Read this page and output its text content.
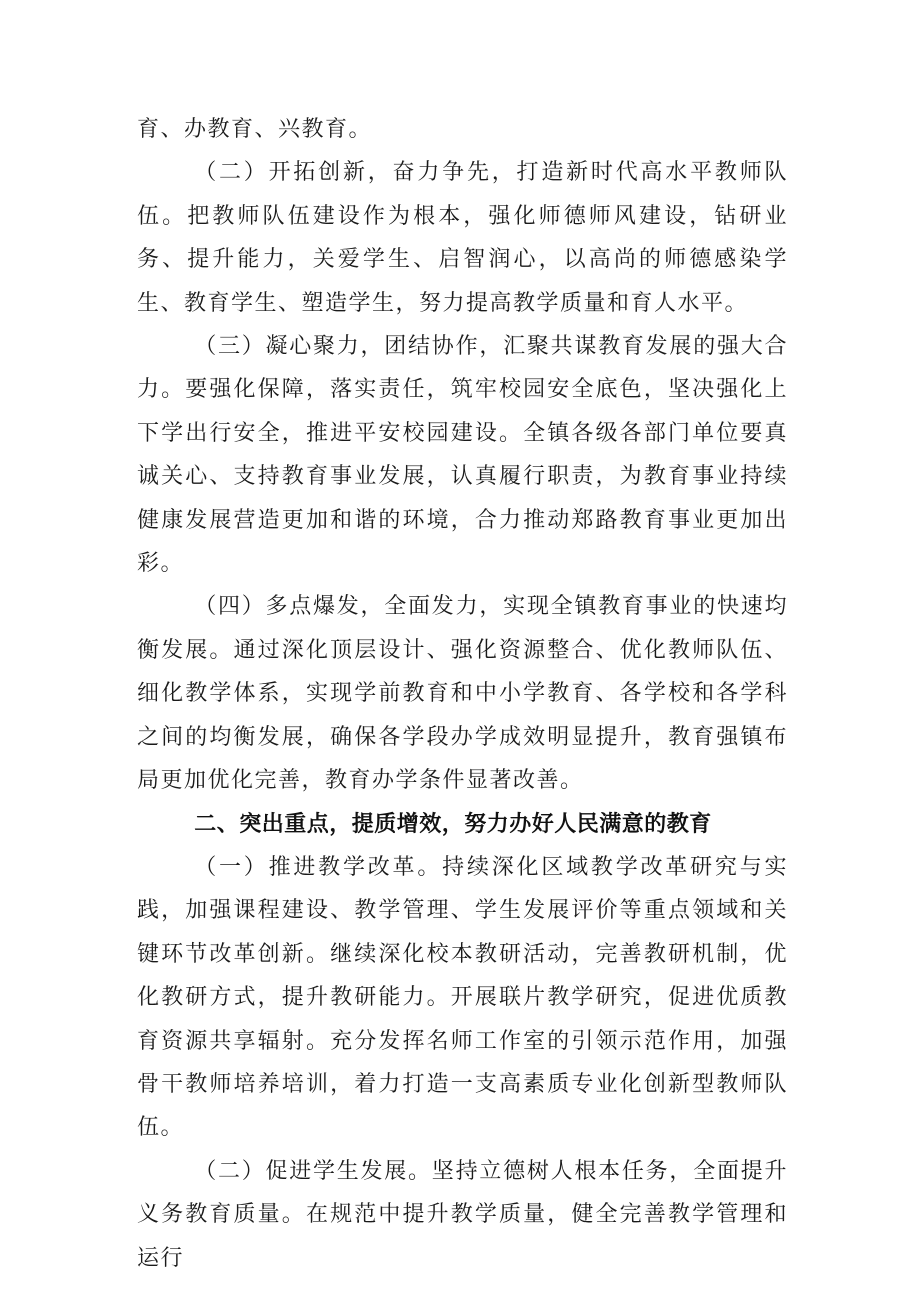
育、办教育、兴教育。

（二）开拓创新，奋力争先，打造新时代高水平教师队伍。把教师队伍建设作为根本，强化师德师风建设，钻研业务、提升能力，关爱学生、启智润心，以高尚的师德感染学生、教育学生、塑造学生，努力提高教学质量和育人水平。

（三）凝心聚力，团结协作，汇聚共谋教育发展的强大合力。要强化保障，落实责任，筑牢校园安全底色，坚决强化上下学出行安全，推进平安校园建设。全镇各级各部门单位要真诚关心、支持教育事业发展，认真履行职责，为教育事业持续健康发展营造更加和谐的环境，合力推动郑路教育事业更加出彩。

（四）多点爆发，全面发力，实现全镇教育事业的快速均衡发展。通过深化顶层设计、强化资源整合、优化教师队伍、细化教学体系，实现学前教育和中小学教育、各学校和各学科之间的均衡发展，确保各学段办学成效明显提升，教育强镇布局更加优化完善，教育办学条件显著改善。

二、突出重点，提质增效，努力办好人民满意的教育

（一）推进教学改革。持续深化区域教学改革研究与实践，加强课程建设、教学管理、学生发展评价等重点领域和关键环节改革创新。继续深化校本教研活动，完善教研机制，优化教研方式，提升教研能力。开展联片教学研究，促进优质教育资源共享辐射。充分发挥名师工作室的引领示范作用，加强骨干教师培养培训，着力打造一支高素质专业化创新型教师队伍。

（二）促进学生发展。坚持立德树人根本任务，全面提升义务教育质量。在规范中提升教学质量，健全完善教学管理和运行
